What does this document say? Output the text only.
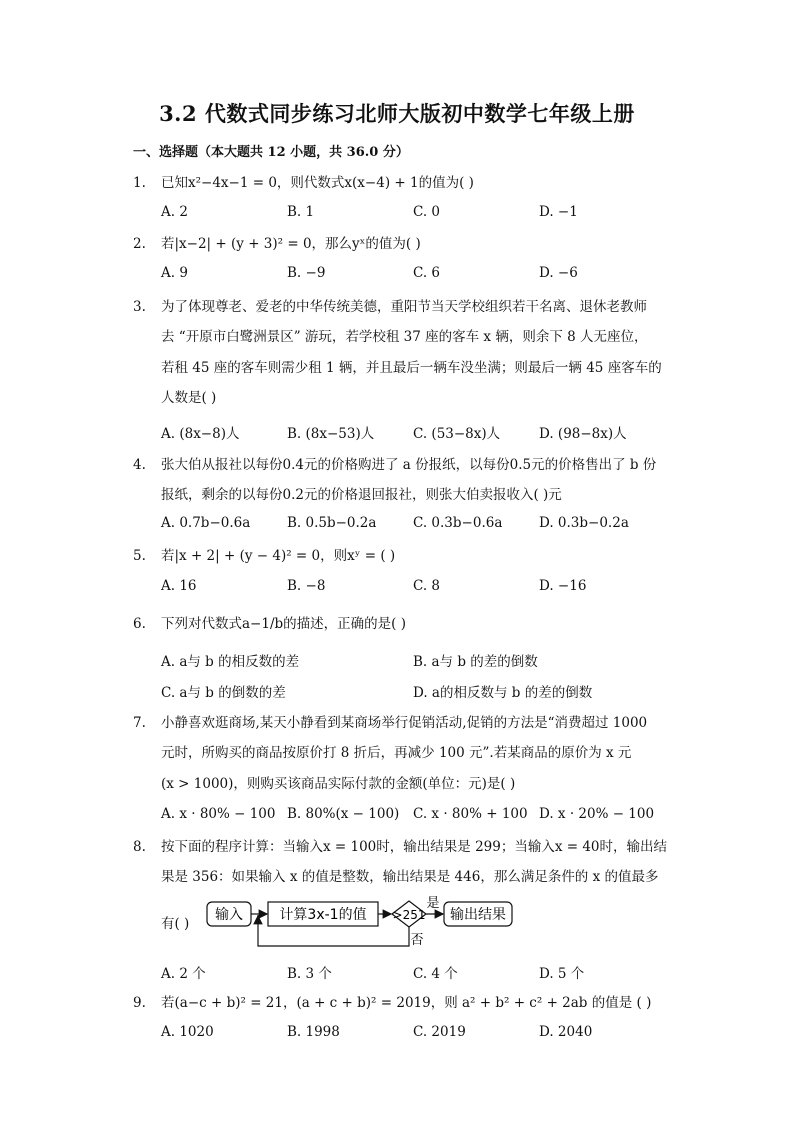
3.2 代数式同步练习北师大版初中数学七年级上册
一、选择题（本大题共 12 小题，共 36.0 分）
1.	已知x²−4x−1 = 0，则代数式x(x−4) + 1的值为( )
A. 2	B. 1	C. 0	D. −1
2.	若|x−2| + (y + 3)² = 0，那么yˣ的值为( )
A. 9	B. −9	C. 6	D. −6
3.	为了体现尊老、爱老的中华传统美德，重阳节当天学校组织若干名离、退休老教师
去 “开原市白鹭洲景区” 游玩，若学校租 37 座的客车 x 辆，则余下 8 人无座位，
若租 45 座的客车则需少租 1 辆，并且最后一辆车没坐满；则最后一辆 45 座客车的
人数是( )
A. (8x−8)人	B. (8x−53)人	C. (53−8x)人	D. (98−8x)人
4.	张大伯从报社以每份0.4元的价格购进了 a 份报纸，以每份0.5元的价格售出了 b 份
报纸，剩余的以每份0.2元的价格退回报社，则张大伯卖报收入( )元
A. 0.7b−0.6a	B. 0.5b−0.2a	C. 0.3b−0.6a	D. 0.3b−0.2a
5.	若|x + 2| + (y − 4)² = 0，则xʸ = ( )
A. 16	B. −8	C. 8	D. −16
6.	下列对代数式a−1/b的描述，正确的是( )
A. a与 b 的相反数的差	B. a与 b 的差的倒数
C. a与 b 的倒数的差	D. a的相反数与 b 的差的倒数
7.	小静喜欢逛商场,某天小静看到某商场举行促销活动,促销的方法是“消费超过 1000
元时，所购买的商品按原价打 8 折后，再减少 100 元”.若某商品的原价为 x 元
(x > 1000)，则购买该商品实际付款的金额(单位：元)是( )
A. x · 80% − 100 B. 80%(x − 100) C. x · 80% + 100 D. x · 20% − 100
8.	按下面的程序计算：当输入x = 100时，输出结果是 299；当输入x = 40时，输出结
果是 356：如果输入 x 的值是整数，输出结果是 446，那么满足条件的 x 的值最多
有( )
输入	计算3x-1的值 >251
是
输出结果
否
A. 2 个	B. 3 个	C. 4 个	D. 5 个
9.	若(a−c + b)² = 21，(a + c + b)² = 2019，则 a² + b² + c² + 2ab 的值是 ( )
A. 1020	B. 1998	C. 2019	D. 2040
